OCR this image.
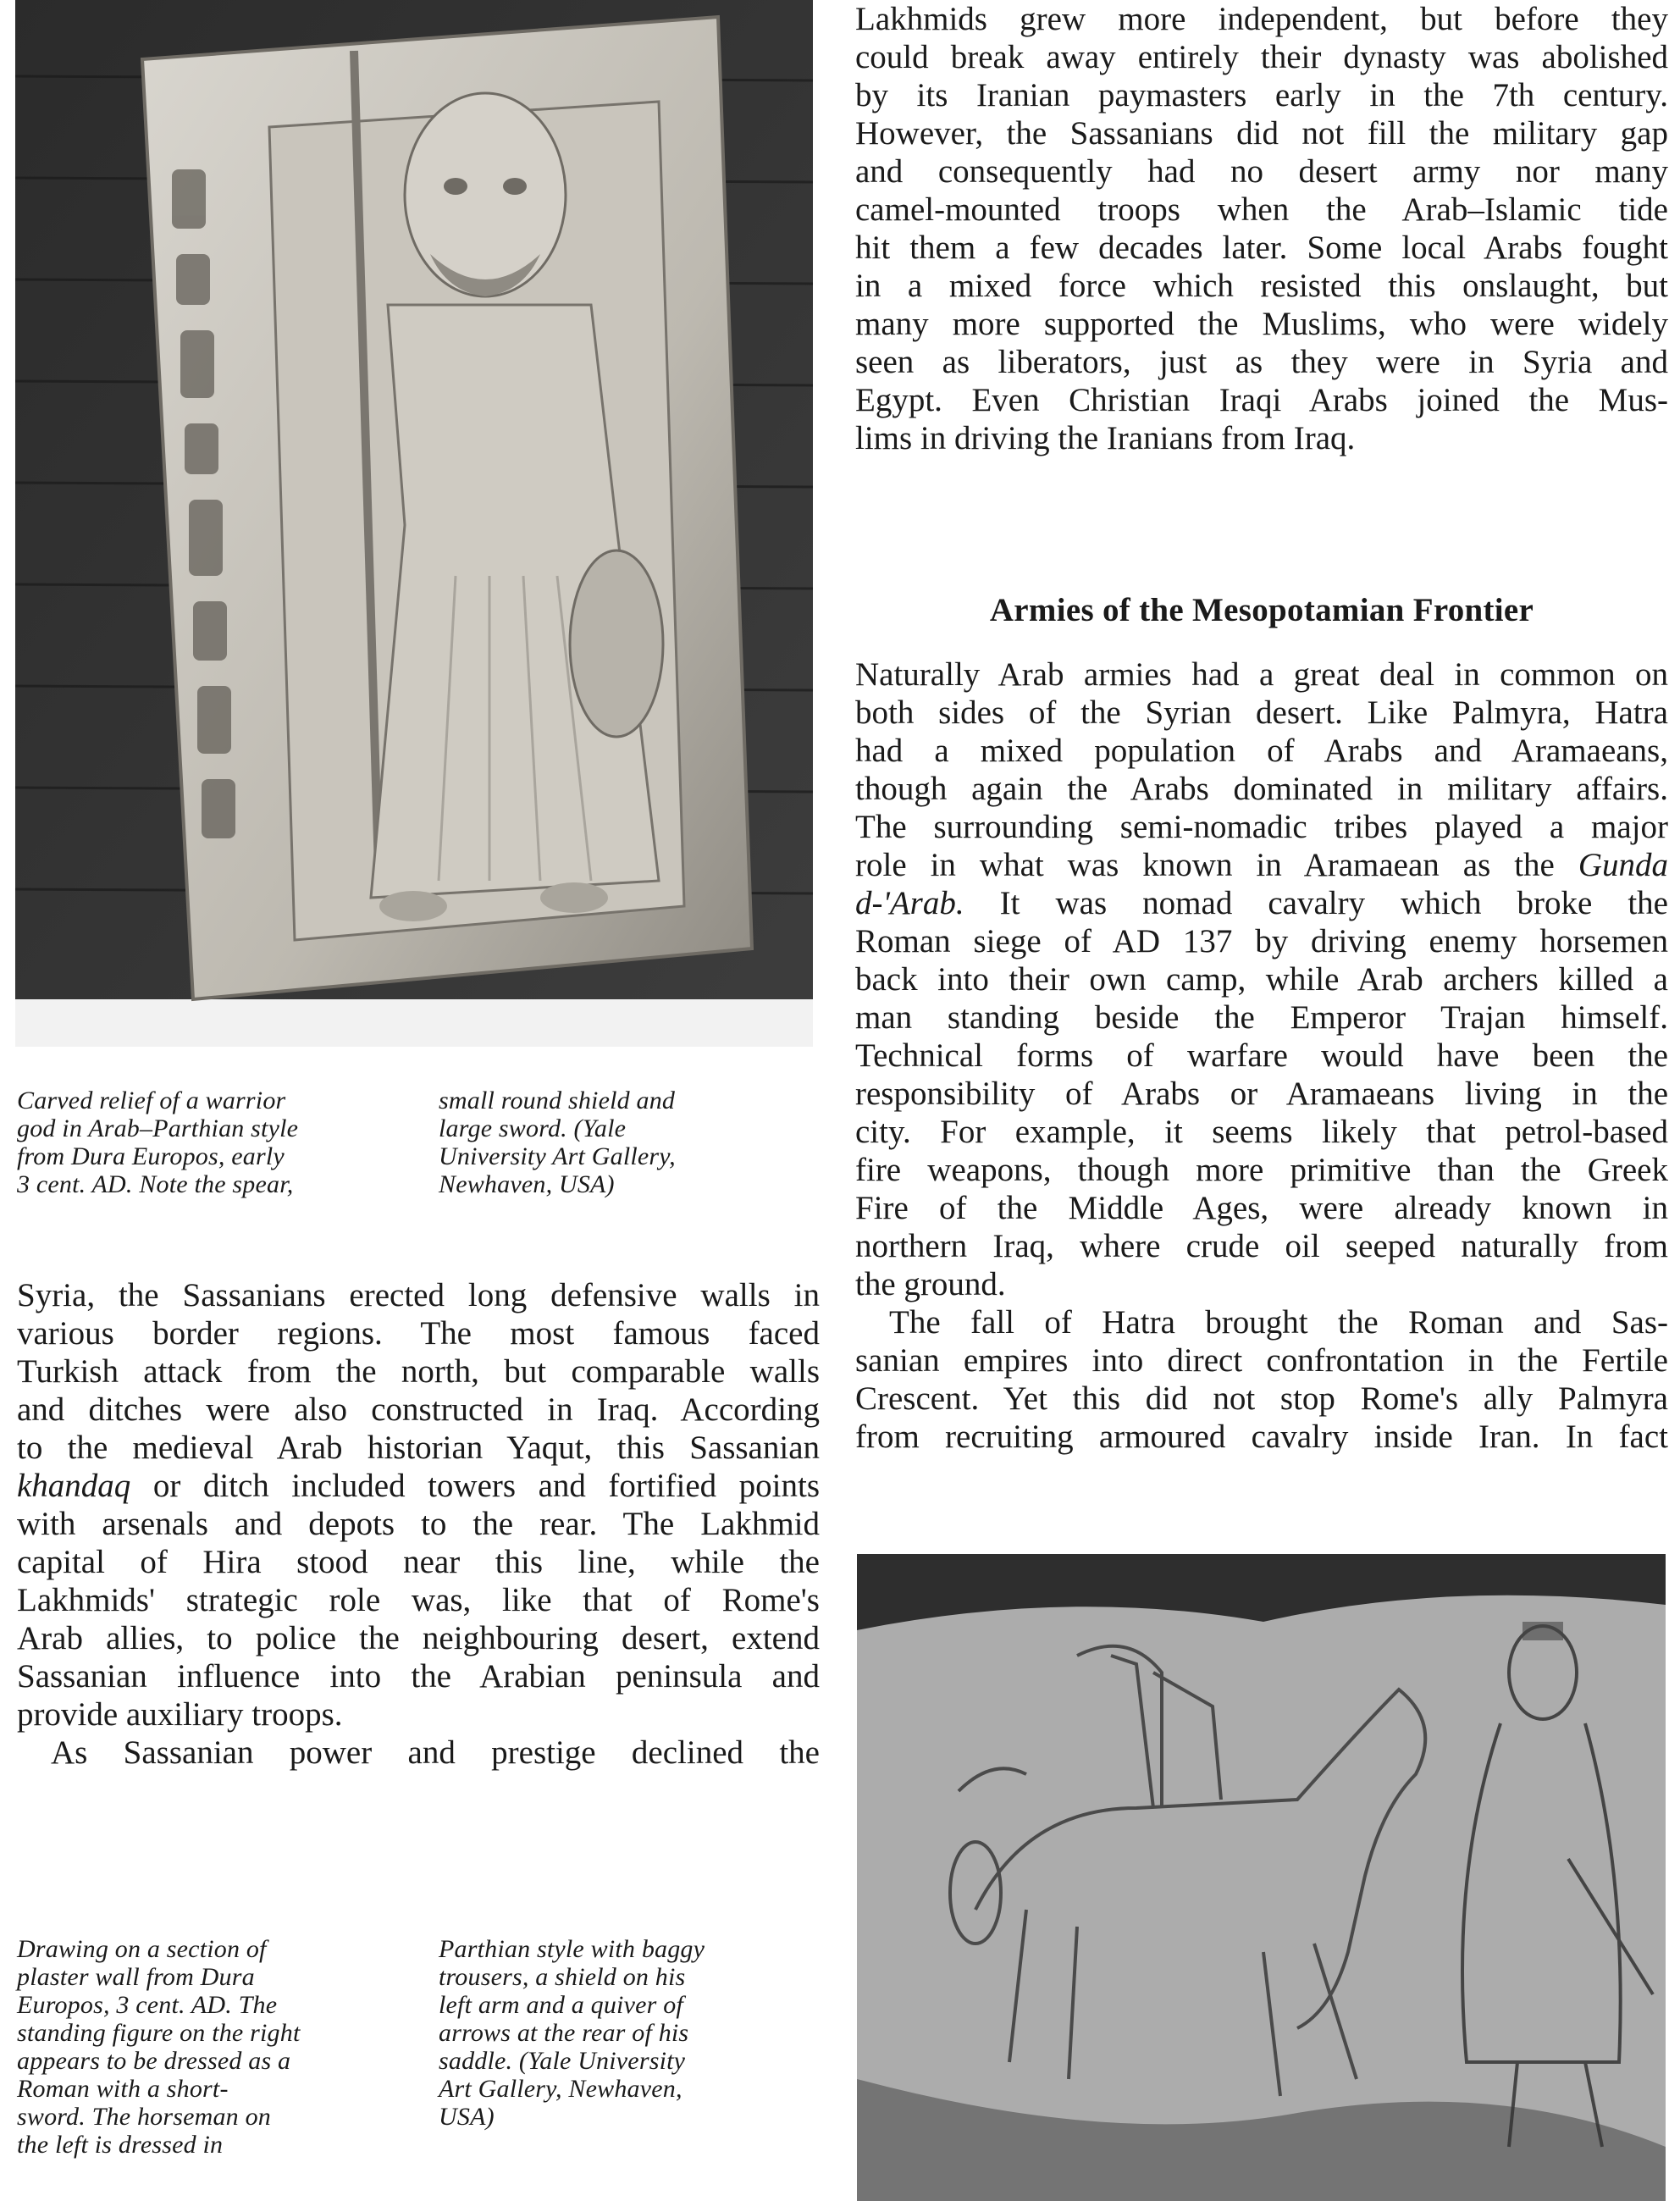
Carved relief of a warrior
god in Arab–Parthian style
from Dura Europos, early
3 cent. AD. Note the spear,

small round shield and
large sword. (Yale
University Art Gallery,
Newhaven, USA)

Drawing on a section of
plaster wall from Dura
Europos, 3 cent. AD. The
standing figure on the right
appears to be dressed as a
Roman with a short-
sword. The horseman on
the left is dressed in

Parthian style with baggy
trousers, a shield on his
left arm and a quiver of
arrows at the rear of his
saddle. (Yale University
Art Gallery, Newhaven,
USA)

Lakhmids grew more independent, but before they
could break away entirely their dynasty was abolished
by its Iranian paymasters early in the 7th century.
However, the Sassanians did not fill the military gap
and consequently had no desert army nor many
camel-mounted troops when the Arab–Islamic tide
hit them a few decades later. Some local Arabs fought
in a mixed force which resisted this onslaught, but
many more supported the Muslims, who were widely
seen as liberators, just as they were in Syria and
Egypt. Even Christian Iraqi Arabs joined the Mus-
lims in driving the Iranians from Iraq.
Armies of the Mesopotamian Frontier
Naturally Arab armies had a great deal in common on
both sides of the Syrian desert. Like Palmyra, Hatra
had a mixed population of Arabs and Aramaeans,
though again the Arabs dominated in military affairs.
The surrounding semi-nomadic tribes played a major
role in what was known in Aramaean as the Gunda
d-'Arab. It was nomad cavalry which broke the
Roman siege of AD 137 by driving enemy horsemen
back into their own camp, while Arab archers killed a
man standing beside the Emperor Trajan himself.
Technical forms of warfare would have been the
responsibility of Arabs or Aramaeans living in the
city. For example, it seems likely that petrol-based
fire weapons, though more primitive than the Greek
Fire of the Middle Ages, were already known in
northern Iraq, where crude oil seeped naturally from
the ground.
The fall of Hatra brought the Roman and Sas-
sanian empires into direct confrontation in the Fertile
Crescent. Yet this did not stop Rome's ally Palmyra
from recruiting armoured cavalry inside Iran. In fact
Syria, the Sassanians erected long defensive walls in
various border regions. The most famous faced
Turkish attack from the north, but comparable walls
and ditches were also constructed in Iraq. According
to the medieval Arab historian Yaqut, this Sassanian
khandaq or ditch included towers and fortified points
with arsenals and depots to the rear. The Lakhmid
capital of Hira stood near this line, while the
Lakhmids' strategic role was, like that of Rome's
Arab allies, to police the neighbouring desert, extend
Sassanian influence into the Arabian peninsula and
provide auxiliary troops.
As Sassanian power and prestige declined the
